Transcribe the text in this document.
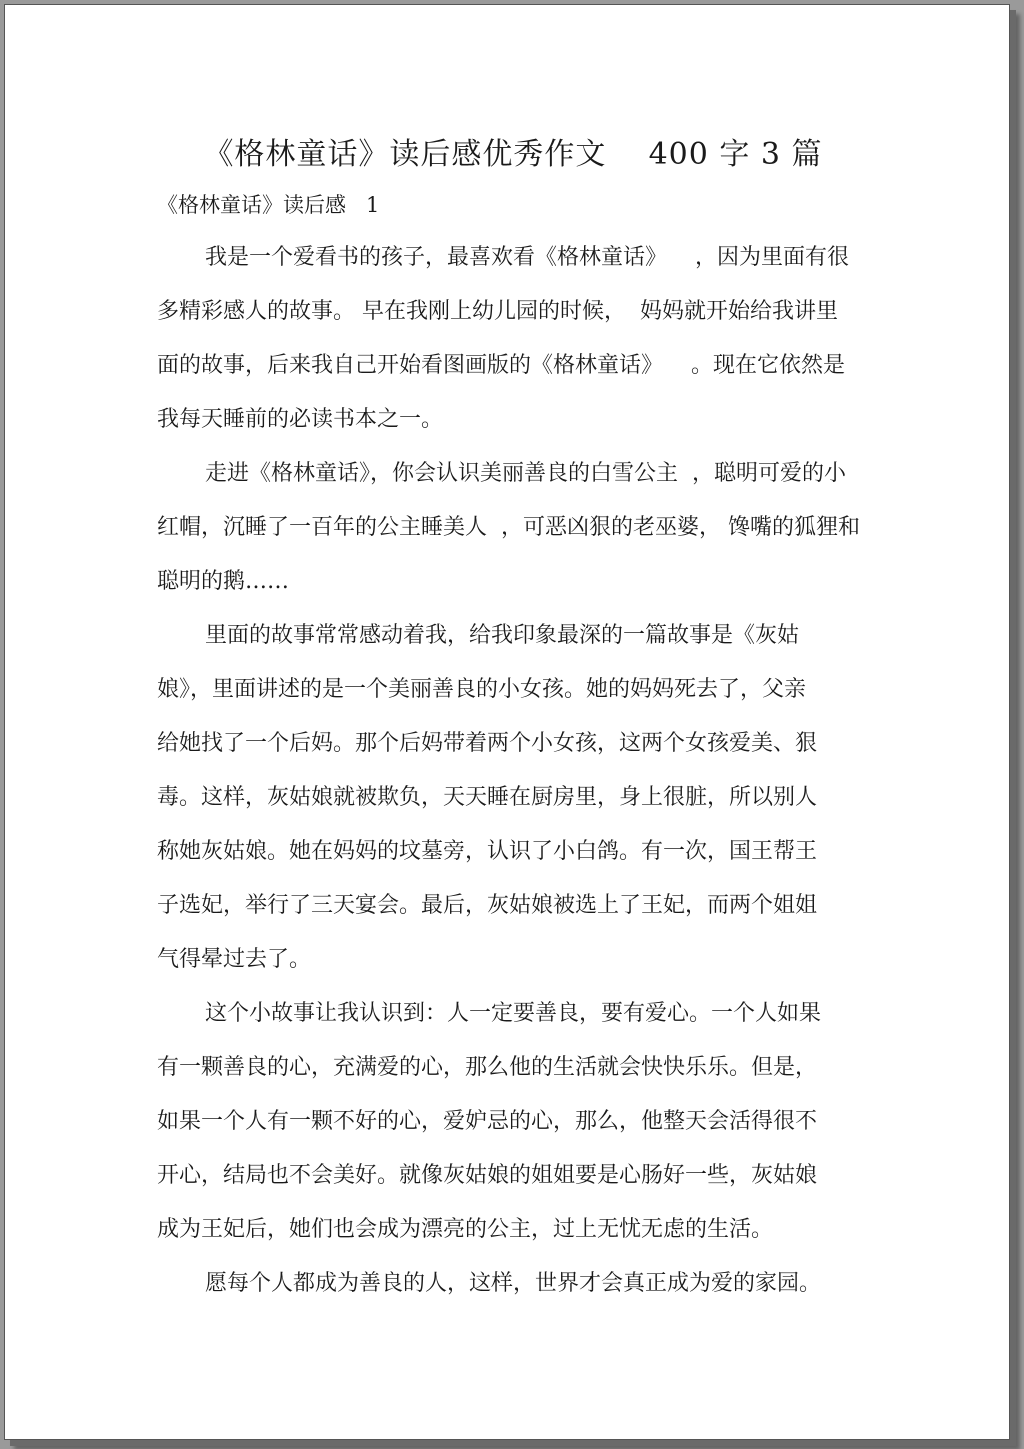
《格林童话》读后感优秀作文    400 字 3 篇
《格林童话》读后感   1

我是一个爱看书的孩子，最喜欢看《格林童话》    ，因为里面有很
多精彩感人的故事。 早在我刚上幼儿园的时候，  妈妈就开始给我讲里
面的故事，后来我自己开始看图画版的《格林童话》    。现在它依然是
我每天睡前的必读书本之一。

走进《格林童话》，你会认识美丽善良的白雪公主  ，聪明可爱的小
红帽，沉睡了一百年的公主睡美人  ，可恶凶狠的老巫婆， 馋嘴的狐狸和
聪明的鹅……

里面的故事常常感动着我，给我印象最深的一篇故事是《灰姑
娘》，里面讲述的是一个美丽善良的小女孩。她的妈妈死去了，父亲
给她找了一个后妈。那个后妈带着两个小女孩，这两个女孩爱美、狠
毒。这样，灰姑娘就被欺负，天天睡在厨房里，身上很脏，所以别人
称她灰姑娘。她在妈妈的坟墓旁，认识了小白鸽。有一次，国王帮王
子选妃，举行了三天宴会。最后，灰姑娘被选上了王妃，而两个姐姐
气得晕过去了。

这个小故事让我认识到：人一定要善良，要有爱心。一个人如果
有一颗善良的心，充满爱的心，那么他的生活就会快快乐乐。但是，
如果一个人有一颗不好的心，爱妒忌的心，那么，他整天会活得很不
开心，结局也不会美好。就像灰姑娘的姐姐要是心肠好一些，灰姑娘
成为王妃后，她们也会成为漂亮的公主，过上无忧无虑的生活。

愿每个人都成为善良的人，这样，世界才会真正成为爱的家园。
